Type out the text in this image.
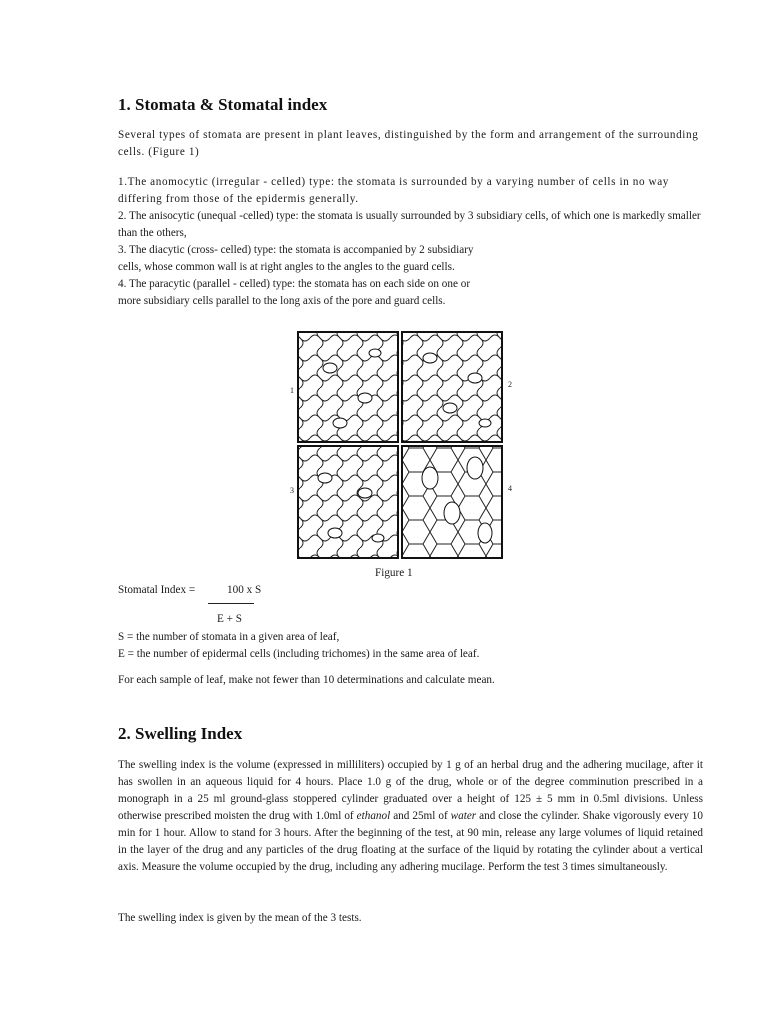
1. Stomata & Stomatal index

Several types of stomata are present in plant leaves, distinguished by the form and arrangement of the surrounding cells. (Figure 1)

1.The anomocytic (irregular - celled) type: the stomata is surrounded by a varying number of cells in no way differing from those of the epidermis generally.

2. The anisocytic (unequal -celled) type: the stomata is usually surrounded by 3 subsidiary cells, of which one is markedly smaller than the others,

3. The diacytic (cross- celled) type: the stomata is accompanied by 2 subsidiary

cells, whose common wall is at right angles to the angles to the guard cells.

4. The paracytic (parallel - celled) type: the stomata has on each side on one or

more subsidiary cells parallel to the long axis of the pore and guard cells.

1
2
3	4
Figure 1
Stomatal Index =	100 x S
E + S

S = the number of stomata in a given area of leaf,

E = the number of epidermal cells (including trichomes) in the same area of leaf.

For each sample of leaf, make not fewer than 10 determinations and calculate mean.

2. Swelling Index

The swelling index is the volume (expressed in milliliters) occupied by 1 g of an herbal drug and the adhering mucilage, after it has swollen in an aqueous liquid for 4 hours. Place 1.0 g of the drug, whole or of the degree comminution prescribed in a monograph in a 25 ml ground-glass stoppered cylinder graduated over a height of 125 ± 5 mm in 0.5ml divisions. Unless otherwise prescribed moisten the drug with 1.0ml of ethanol and 25ml of water and close the cylinder. Shake vigorously every 10 min for 1 hour. Allow to stand for 3 hours. After the beginning of the test, at 90 min, release any large volumes of liquid retained in the layer of the drug and any particles of the drug floating at the surface of the liquid by rotating the cylinder about a vertical axis. Measure the volume occupied by the drug, including any adhering mucilage. Perform the test 3 times simultaneously.

The swelling index is given by the mean of the 3 tests.
